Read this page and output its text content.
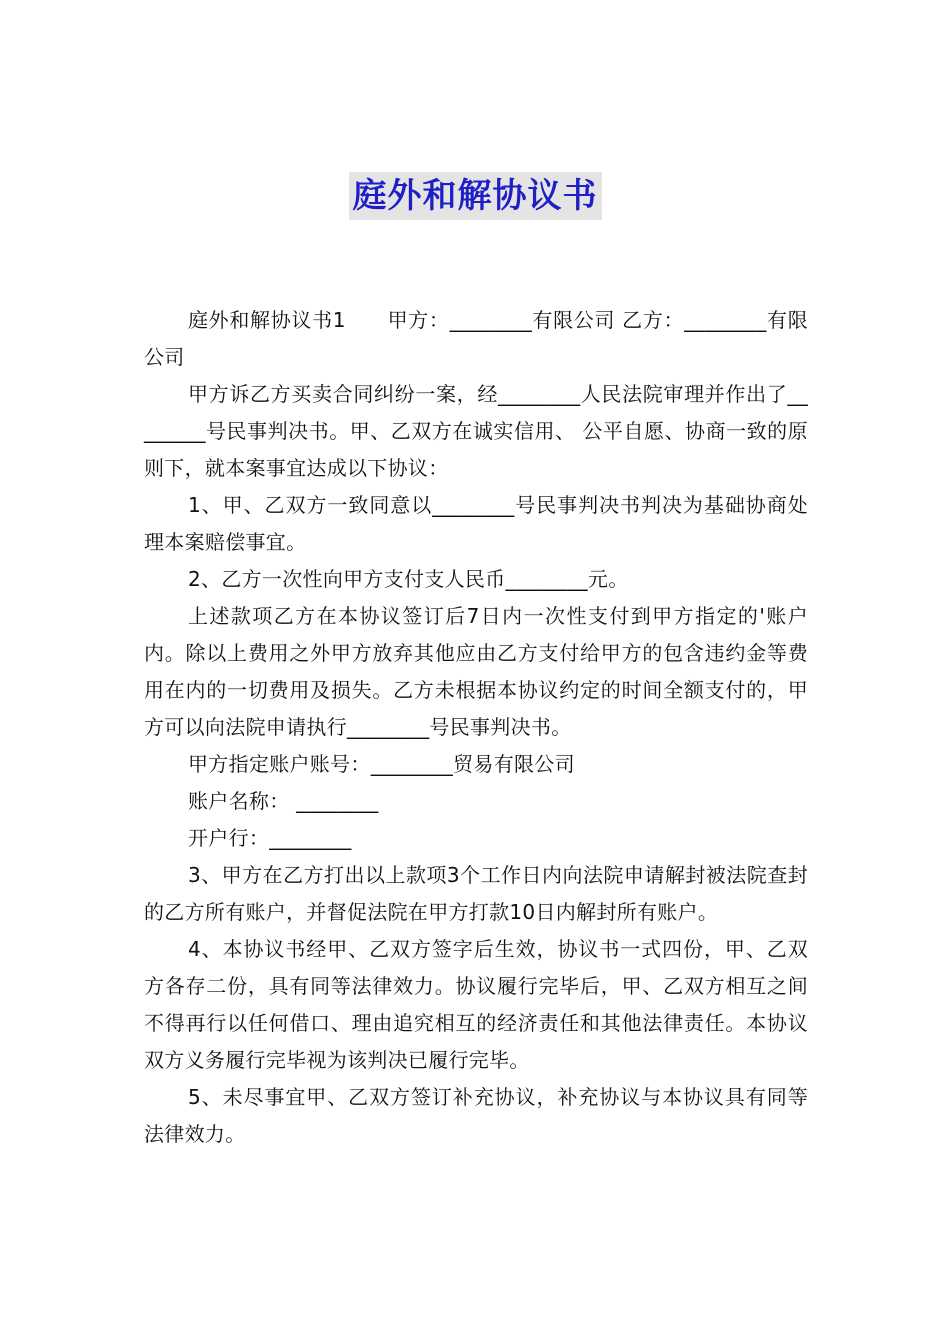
庭外和解协议书

庭外和解协议书1　　甲方：________有限公司 乙方：________有限公司

甲方诉乙方买卖合同纠纷一案，经________人民法院审理并作出了________号民事判决书。甲、乙双方在诚实信用、 公平自愿、协商一致的原则下，就本案事宜达成以下协议：

1、甲、乙双方一致同意以________号民事判决书判决为基础协商处理本案赔偿事宜。

2、乙方一次性向甲方支付支人民币________元。

上述款项乙方在本协议签订后7日内一次性支付到甲方指定的'账户内。除以上费用之外甲方放弃其他应由乙方支付给甲方的包含违约金等费用在内的一切费用及损失。乙方未根据本协议约定的时间全额支付的，甲方可以向法院申请执行________号民事判决书。

甲方指定账户账号：________贸易有限公司

账户名称： ________

开户行：________

3、甲方在乙方打出以上款项3个工作日内向法院申请解封被法院查封的乙方所有账户，并督促法院在甲方打款10日内解封所有账户。

4、本协议书经甲、乙双方签字后生效，协议书一式四份，甲、乙双方各存二份，具有同等法律效力。协议履行完毕后，甲、乙双方相互之间不得再行以任何借口、理由追究相互的经济责任和其他法律责任。本协议双方义务履行完毕视为该判决已履行完毕。

5、未尽事宜甲、乙双方签订补充协议，补充协议与本协议具有同等法律效力。
